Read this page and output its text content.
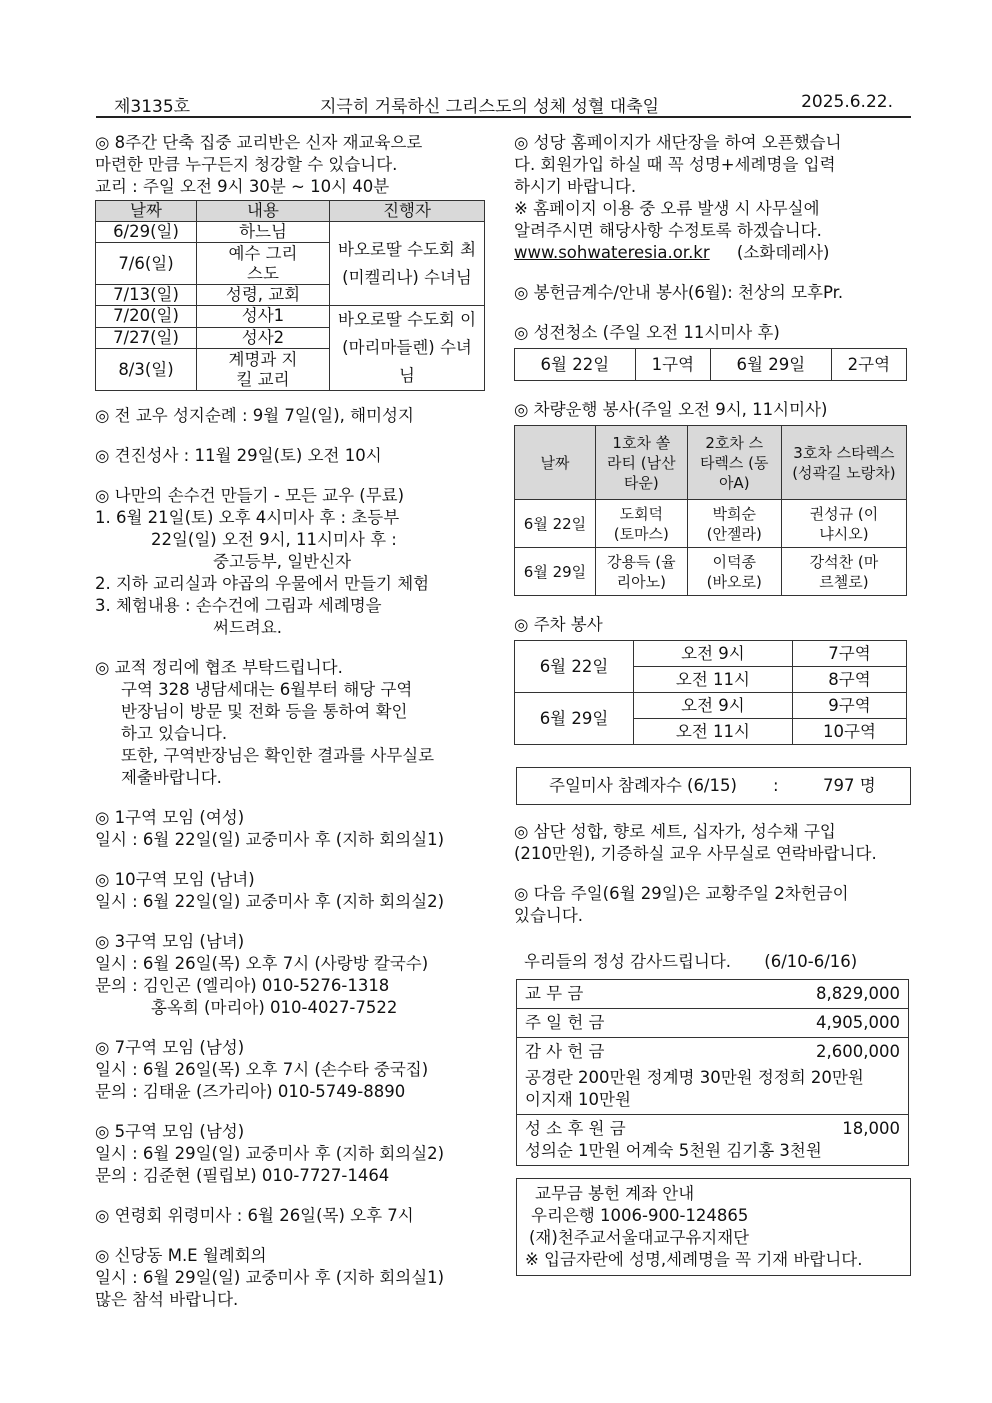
제3135호	지극히 거룩하신 그리스도의 성체 성혈 대축일	2025.6.22.

◎ 8주간 단축 집중 교리반은 신자 재교육으로

마련한 만큼 누구든지 청강할 수 있습니다.

교리 : 주일 오전 9시 30분 ~ 10시 40분

날짜	내용	진행자
6/29(일)	하느님	바오로딸 수도회 최(미켈리나) 수녀님
7/6(일)	예수 그리스도	
7/13(일)	성령, 교회	
7/20(일)	성사1	바오로딸 수도회 이(마리마들렌) 수녀님
7/27(일)	성사2	
8/3(일)	계명과 지킬 교리	
◎ 전 교우 성지순례 : 9월 7일(일), 해미성지
◎ 견진성사 : 11월 29일(토) 오전 10시

◎ 나만의 손수건 만들기 - 모든 교우 (무료)

1. 6월 21일(토) 오후 4시미사 후 : 초등부

22일(일) 오전 9시, 11시미사 후 :

중고등부, 일반신자

2. 지하 교리실과 야곱의 우물에서 만들기 체험

3. 체험내용 : 손수건에 그림과 세례명을

써드려요.

◎ 교적 정리에 협조 부탁드립니다.

구역 328 냉담세대는 6월부터 해당 구역

반장님이 방문 및 전화 등을 통하여 확인

하고 있습니다.

또한, 구역반장님은 확인한 결과를 사무실로

제출바랍니다.

◎ 1구역 모임 (여성)

일시 : 6월 22일(일) 교중미사 후 (지하 회의실1)

◎ 10구역 모임 (남녀)

일시 : 6월 22일(일) 교중미사 후 (지하 회의실2)

◎ 3구역 모임 (남녀)

일시 : 6월 26일(목) 오후 7시 (사랑방 칼국수)

문의 : 김인곤 (엘리아) 010-5276-1318

홍옥희 (마리아) 010-4027-7522

◎ 7구역 모임 (남성)

일시 : 6월 26일(목) 오후 7시 (손수타 중국집)

문의 : 김태윤 (즈가리아) 010-5749-8890

◎ 5구역 모임 (남성)

일시 : 6월 29일(일) 교중미사 후 (지하 회의실2)

문의 : 김준현 (필립보) 010-7727-1464

◎ 연령회 위령미사 : 6월 26일(목) 오후 7시

◎ 신당동 M.E 월례회의

일시 : 6월 29일(일) 교중미사 후 (지하 회의실1)

많은 참석 바랍니다.

◎ 성당 홈페이지가 새단장을 하여 오픈했습니

다. 회원가입 하실 때 꼭 성명+세례명을 입력

하시기 바랍니다.

※ 홈페이지 이용 중 오류 발생 시 사무실에

알려주시면 해당사항 수정토록 하겠습니다.

www.sohwateresia.or.kr (소화데레사)

◎ 봉헌금계수/안내 봉사(6월): 천상의 모후Pr.

◎ 성전청소 (주일 오전 11시미사 후)

6월 22일	1구역	6월 29일	2구역

◎ 차량운행 봉사(주일 오전 9시, 11시미사)

날짜	1호차 쏠라티 (남산타운)	2호차 스타렉스 (동아A)	3호차 스타렉스 (성곽길 노랑차)
6월 22일	도회덕 (토마스)	박희순 (안젤라)	권성규 (이냐시오)
6월 29일	강용득 (율리아노)	이덕종 (바오로)	강석찬 (마르첼로)

◎ 주차 봉사

6월 22일	오전 9시	7구역
	오전 11시	8구역
6월 29일	오전 9시	9구역
	오전 11시	10구역
주일미사 참례자수 (6/15) :	797 명

◎ 삼단 성합, 향로 세트, 십자가, 성수채 구입

(210만원), 기증하실 교우 사무실로 연락바랍니다.

◎ 다음 주일(6월 29일)은 교황주일 2차헌금이

있습니다.

우리들의 정성 감사드립니다. (6/10-6/16)

교 무 금	8,829,000

주 일 헌 금	4,905,000

감 사 헌 금	2,600,000
공경란 200만원 정계명 30만원 정정희 20만원
이지재 10만원

성 소 후 원 금	18,000
성의순 1만원 어계숙 5천원 김기홍 3천원

교무금 봉헌 계좌 안내

우리은행 1006-900-124865

(재)천주교서울대교구유지재단

※ 입금자란에 성명,세례명을 꼭 기재 바랍니다.
